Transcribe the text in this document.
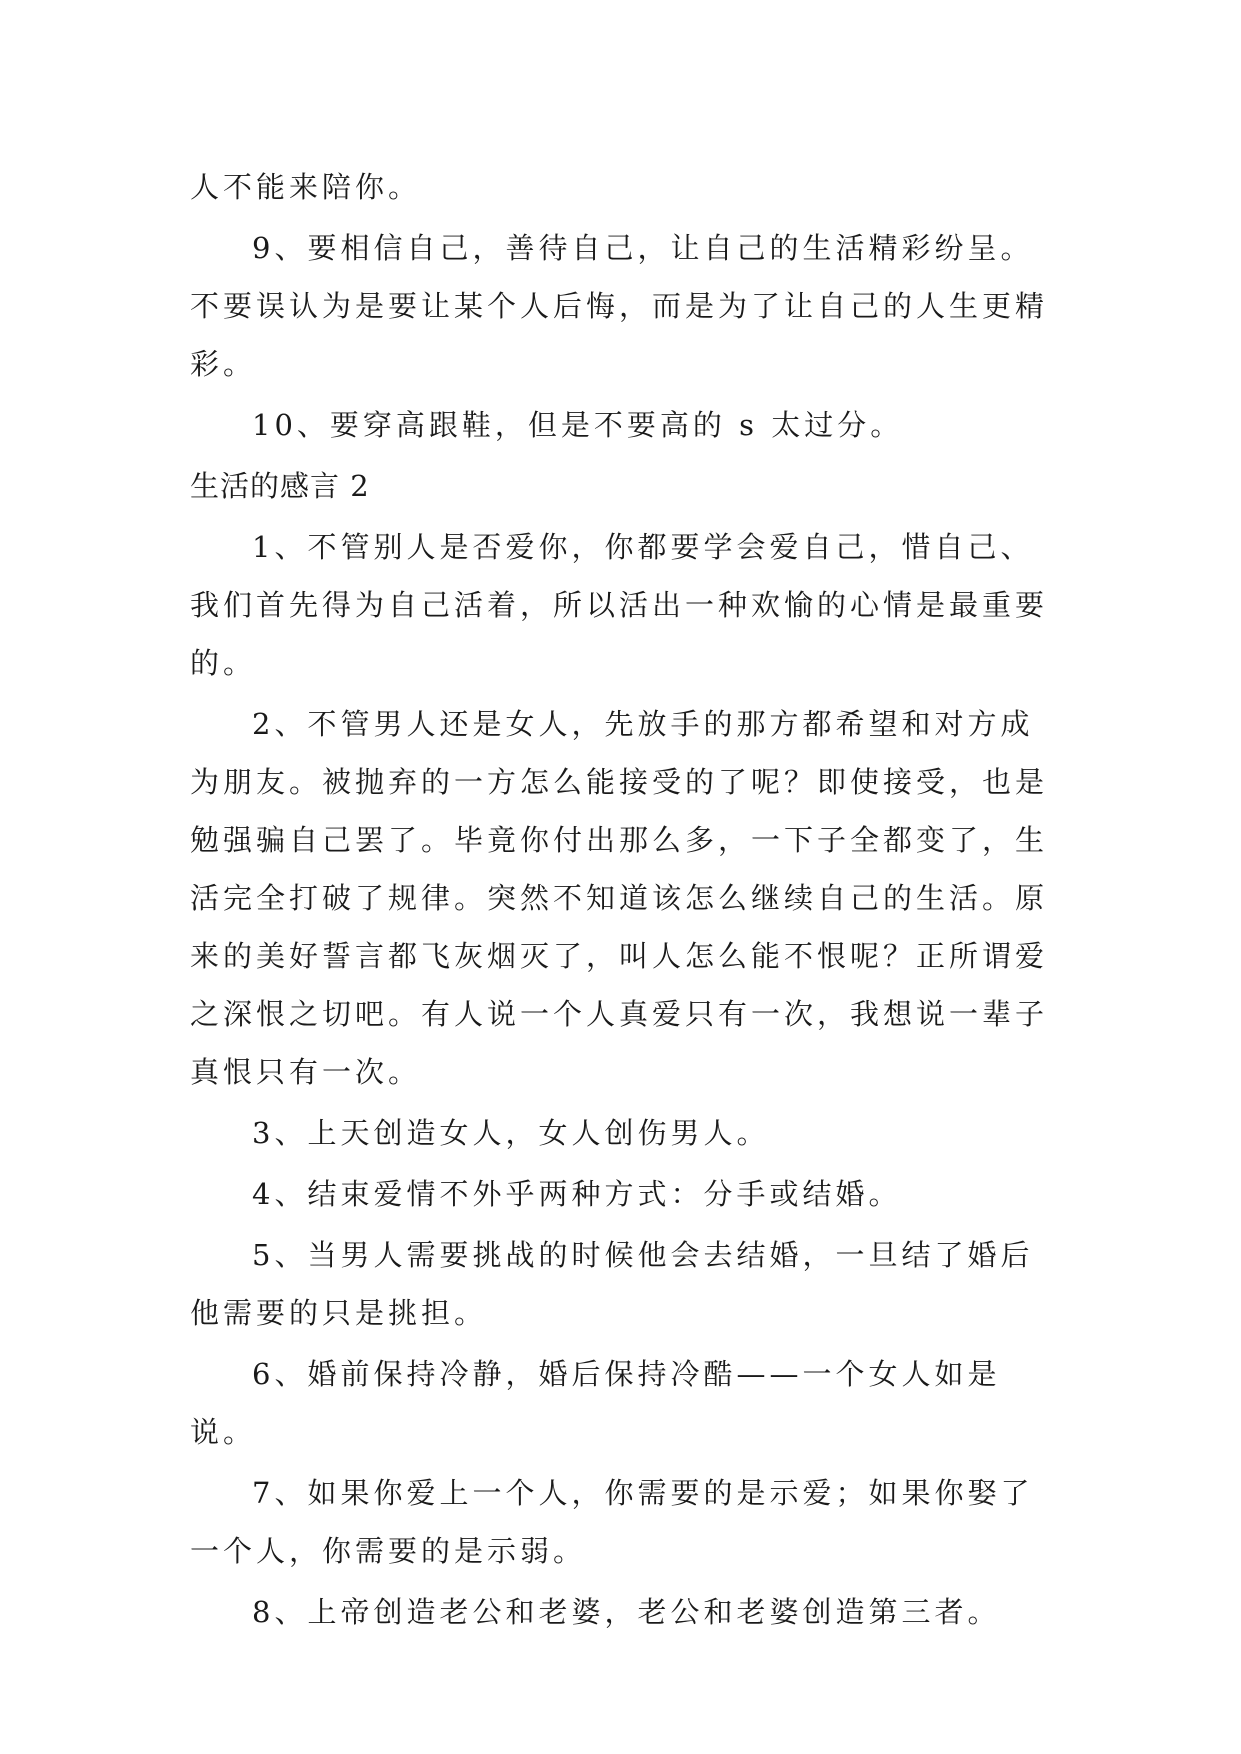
人不能来陪你。

9、要相信自己，善待自己，让自己的生活精彩纷呈。不要误认为是要让某个人后悔，而是为了让自己的人生更精彩。

10、要穿高跟鞋，但是不要高的 s 太过分。

生活的感言 2

1、不管别人是否爱你，你都要学会爱自己，惜自己、我们首先得为自己活着，所以活出一种欢愉的心情是最重要的。

2、不管男人还是女人，先放手的那方都希望和对方成为朋友。被抛弃的一方怎么能接受的了呢？即使接受，也是勉强骗自己罢了。毕竟你付出那么多，一下子全都变了，生活完全打破了规律。突然不知道该怎么继续自己的生活。原来的美好誓言都飞灰烟灭了，叫人怎么能不恨呢？正所谓爱之深恨之切吧。有人说一个人真爱只有一次，我想说一辈子真恨只有一次。

3、上天创造女人，女人创伤男人。

4、结束爱情不外乎两种方式：分手或结婚。

5、当男人需要挑战的时候他会去结婚，一旦结了婚后他需要的只是挑担。

6、婚前保持冷静，婚后保持冷酷——一个女人如是说。

7、如果你爱上一个人，你需要的是示爱；如果你娶了一个人，你需要的是示弱。

8、上帝创造老公和老婆，老公和老婆创造第三者。
